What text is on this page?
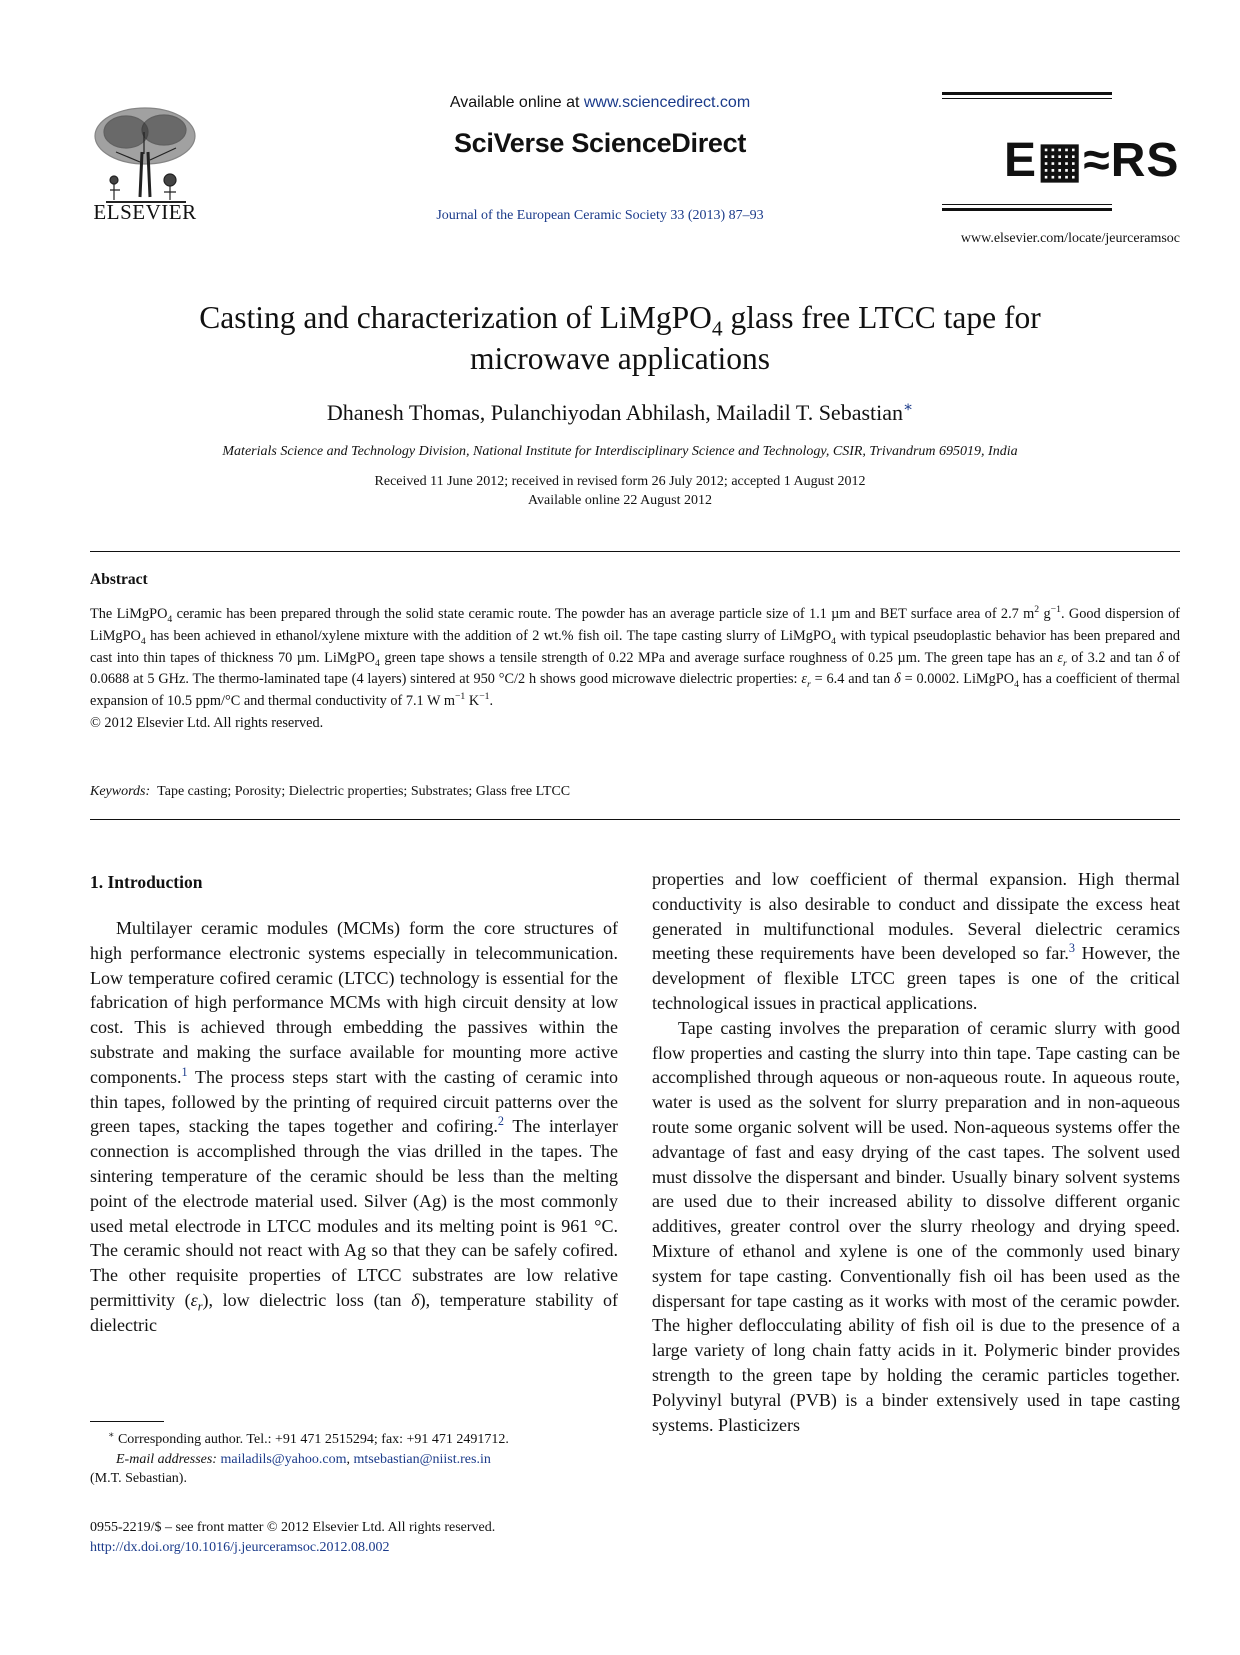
ELSEVIER
Available online at www.sciencedirect.com
SciVerse ScienceDirect
Journal of the European Ceramic Society 33 (2013) 87–93
E▦≈RS
www.elsevier.com/locate/jeurceramsoc
Casting and characterization of LiMgPO$_4$ glass free LTCC tape for
microwave applications
Dhanesh Thomas, Pulanchiyodan Abhilash, Mailadil T. Sebastian∗
Materials Science and Technology Division, National Institute for Interdisciplinary Science and Technology, CSIR, Trivandrum 695019, India
Received 11 June 2012; received in revised form 26 July 2012; accepted 1 August 2012
Available online 22 August 2012
Abstract
The LiMgPO$_4$ ceramic has been prepared through the solid state ceramic route. The powder has an average particle size of 1.1 µm and BET surface area of 2.7 $m^2$ $g^{-1}$. Good dispersion of LiMgPO$_4$ has been achieved in ethanol/xylene mixture with the addition of 2 wt.% fish oil. The tape casting slurry of LiMgPO$_4$ with typical pseudoplastic behavior has been prepared and cast into thin tapes of thickness 70 µm. LiMgPO$_4$ green tape shows a tensile strength of 0.22 MPa and average surface roughness of 0.25 µm. The green tape has an $\varepsilon_r$ of 3.2 and tan δ of 0.0688 at 5 GHz. The thermo-laminated tape (4 layers) sintered at 950 °C/2 h shows good microwave dielectric properties: $\varepsilon_r = 6.4$ and tan δ = 0.0002. LiMgPO$_4$ has a coefficient of thermal expansion of 10.5 ppm/°C and thermal conductivity of 7.1 W $m^{-1}$ $K^{-1}$.
© 2012 Elsevier Ltd. All rights reserved.
Keywords: Tape casting; Porosity; Dielectric properties; Substrates; Glass free LTCC
1. Introduction

Multilayer ceramic modules (MCMs) form the core structures of high performance electronic systems especially in telecommunication. Low temperature cofired ceramic (LTCC) technology is essential for the fabrication of high performance MCMs with high circuit density at low cost. This is achieved through embedding the passives within the substrate and making the surface available for mounting more active components.$^1$ The process steps start with the casting of ceramic into thin tapes, followed by the printing of required circuit patterns over the green tapes, stacking the tapes together and cofiring.$^2$ The interlayer connection is accomplished through the vias drilled in the tapes. The sintering temperature of the ceramic should be less than the melting point of the electrode material used. Silver (Ag) is the most commonly used metal electrode in LTCC modules and its melting point is 961 °C. The ceramic should not react with Ag so that they can be safely cofired. The other requisite properties of LTCC substrates are low relative permittivity $(\varepsilon_r)$, low dielectric loss (tan δ), temperature stability of dielectric

properties and low coefficient of thermal expansion. High thermal conductivity is also desirable to conduct and dissipate the excess heat generated in multifunctional modules. Several dielectric ceramics meeting these requirements have been developed so far.$^3$ However, the development of flexible LTCC green tapes is one of the critical technological issues in practical applications.

Tape casting involves the preparation of ceramic slurry with good flow properties and casting the slurry into thin tape. Tape casting can be accomplished through aqueous or non-aqueous route. In aqueous route, water is used as the solvent for slurry preparation and in non-aqueous route some organic solvent will be used. Non-aqueous systems offer the advantage of fast and easy drying of the cast tapes. The solvent used must dissolve the dispersant and binder. Usually binary solvent systems are used due to their increased ability to dissolve different organic additives, greater control over the slurry rheology and drying speed. Mixture of ethanol and xylene is one of the commonly used binary system for tape casting. Conventionally fish oil has been used as the dispersant for tape casting as it works with most of the ceramic powder. The higher deflocculating ability of fish oil is due to the presence of a large variety of long chain fatty acids in it. Polymeric binder provides strength to the green tape by holding the ceramic particles together. Polyvinyl butyral (PVB) is a binder extensively used in tape casting systems. Plasticizers

∗ Corresponding author. Tel.: +91 471 2515294; fax: +91 471 2491712.
E-mail addresses: mailadils@yahoo.com, mtsebastian@niist.res.in
(M.T. Sebastian).
0955-2219/$ – see front matter © 2012 Elsevier Ltd. All rights reserved.
http://dx.doi.org/10.1016/j.jeurceramsoc.2012.08.002
